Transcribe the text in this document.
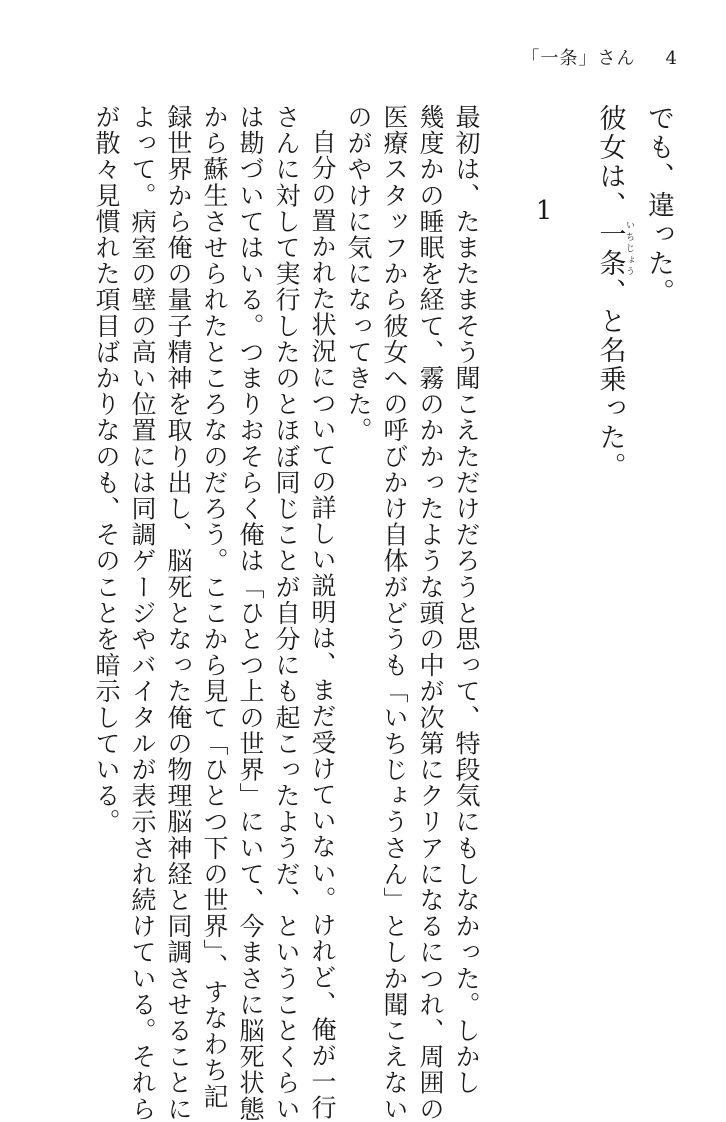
「一条」さん 4
でも、違った。
彼女は、一条いちじょう、と名乗った。
1
最初は、たまたまそう聞こえただけだろうと思って、特段気にもしなかった。しかし
幾度かの睡眠を経て、霧のかかったような頭の中が次第にクリアになるにつれ、周囲の
医療スタッフから彼女への呼びかけ自体がどうも「いちじょうさん」としか聞こえない
のがやけに気になってきた。
自分の置かれた状況についての詳しい説明は、まだ受けていない。けれど、俺が一行
さんに対して実行したのとほぼ同じことが自分にも起こったようだ、ということくらい
は勘づいてはいる。つまりおそらく俺は「ひとつ上の世界」にいて、今まさに脳死状態
から蘇生させられたところなのだろう。ここから見て「ひとつ下の世界」、すなわち記
録世界から俺の量子精神を取り出し、脳死となった俺の物理脳神経と同調させることに
よって。病室の壁の高い位置には同調ゲージやバイタルが表示され続けている。それら
が散々見慣れた項目ばかりなのも、そのことを暗示している。
